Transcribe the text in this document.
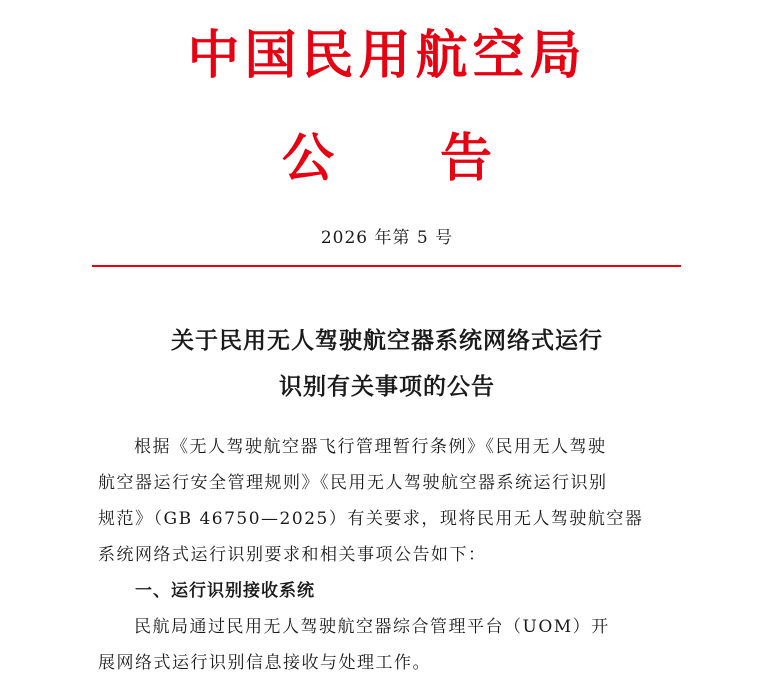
中国民用航空局
公 告
2026 年第 5 号
关于民用无人驾驶航空器系统网络式运行
识别有关事项的公告
根据《无人驾驶航空器飞行管理暂行条例》《民用无人驾驶
航空器运行安全管理规则》《民用无人驾驶航空器系统运行识别
规范》（GB 46750—2025）有关要求，现将民用无人驾驶航空器
系统网络式运行识别要求和相关事项公告如下：
一、运行识别接收系统
民航局通过民用无人驾驶航空器综合管理平台（UOM）开
展网络式运行识别信息接收与处理工作。
